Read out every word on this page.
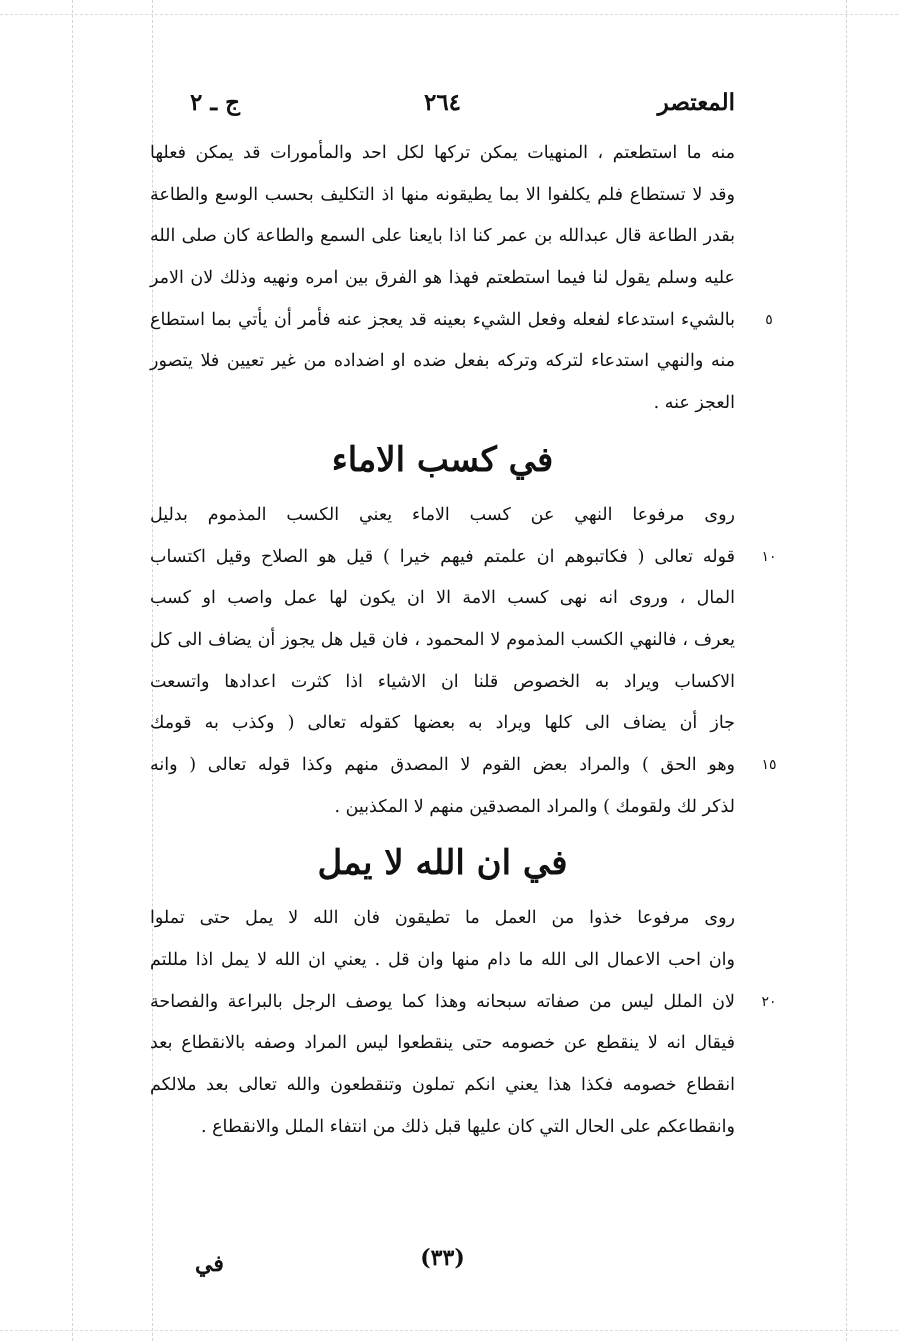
المعتصر
٢٦٤
ج ـ ٢
منه ما استطعتم ، المنهيات يمكن تركها لكل احد والمأمورات قد يمكن فعلها
وقد لا تستطاع فلم يكلفوا الا بما يطيقونه منها اذ التكليف بحسب الوسع والطاعة
بقدر الطاعة قال عبدالله بن عمر كنا اذا بايعنا على السمع والطاعة كان صلى الله
عليه وسلم يقول لنا فيما استطعتم فهذا هو الفرق بين امره ونهيه وذلك لان الامر
بالشيء استدعاء لفعله وفعل الشيء بعينه قد يعجز عنه فأمر أن يأتي بما استطاع	٥
منه والنهي استدعاء لتركه وتركه بفعل ضده او اضداده من غير تعيين فلا يتصور
العجز عنه .
في كسب الاماء
روى مرفوعا النهي عن كسب الاماء يعني الكسب المذموم بدليل
قوله تعالى ( فكاتبوهم ان علمتم فيهم خيرا ) قيل هو الصلاح وقيل اكتساب	١٠
المال ، وروى انه نهى كسب الامة الا ان يكون لها عمل واصب او كسب
يعرف ، فالنهي الكسب المذموم لا المحمود ، فان قيل هل يجوز أن يضاف الى كل
الاكساب ويراد به الخصوص قلنا ان الاشياء اذا كثرت اعدادها واتسعت
جاز أن يضاف الى كلها ويراد به بعضها كقوله تعالى ( وكذب به قومك
وهو الحق ) والمراد بعض القوم لا المصدق منهم وكذا قوله تعالى ( وانه	١٥
لذكر لك ولقومك ) والمراد المصدقين منهم لا المكذبين .
في ان الله لا يمل
روى مرفوعا خذوا من العمل ما تطيقون فان الله لا يمل حتى تملوا
وان احب الاعمال الى الله ما دام منها وان قل . يعني ان الله لا يمل اذا مللتم
لان الملل ليس من صفاته سبحانه وهذا كما يوصف الرجل بالبراعة والفصاحة	٢٠
فيقال انه لا ينقطع عن خصومه حتى ينقطعوا ليس المراد وصفه بالانقطاع بعد
انقطاع خصومه فكذا هذا يعني انكم تملون وتنقطعون والله تعالى بعد ملالكم
وانقطاعكم على الحال التي كان عليها قبل ذلك من انتفاء الملل والانقطاع .
(٣٣)
في
